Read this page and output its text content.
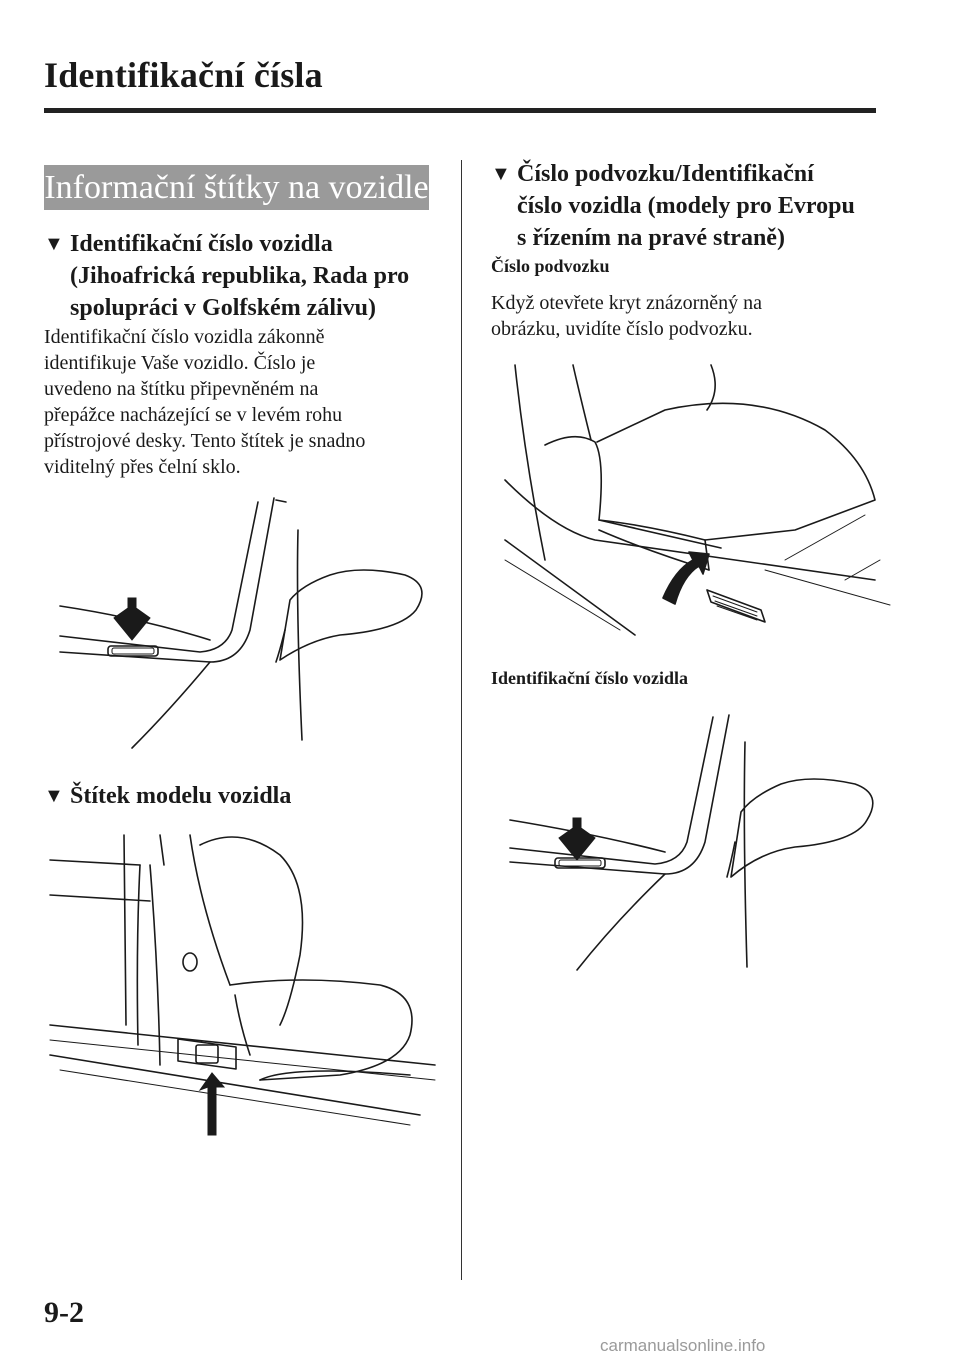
Identifikační čísla
Informační štítky na vozidle
▼ Identifikační číslo vozidla
(Jihoafrická republika, Rada pro
spolupráci v Golfském zálivu)

Identifikační číslo vozidla zákonně
identifikuje Vaše vozidlo. Číslo je
uvedeno na štítku připevněném na
přepážce nacházející se v levém rohu
přístrojové desky. Tento štítek je snadno
viditelný přes čelní sklo.

▼ Štítek modelu vozidla
▼ Číslo podvozku/Identifikační
číslo vozidla (modely pro Evropu
s řízením na pravé straně)

Číslo podvozku

Když otevřete kryt znázorněný na
obrázku, uvidíte číslo podvozku.

Identifikační číslo vozidla

9-2
carmanualsonline.info
